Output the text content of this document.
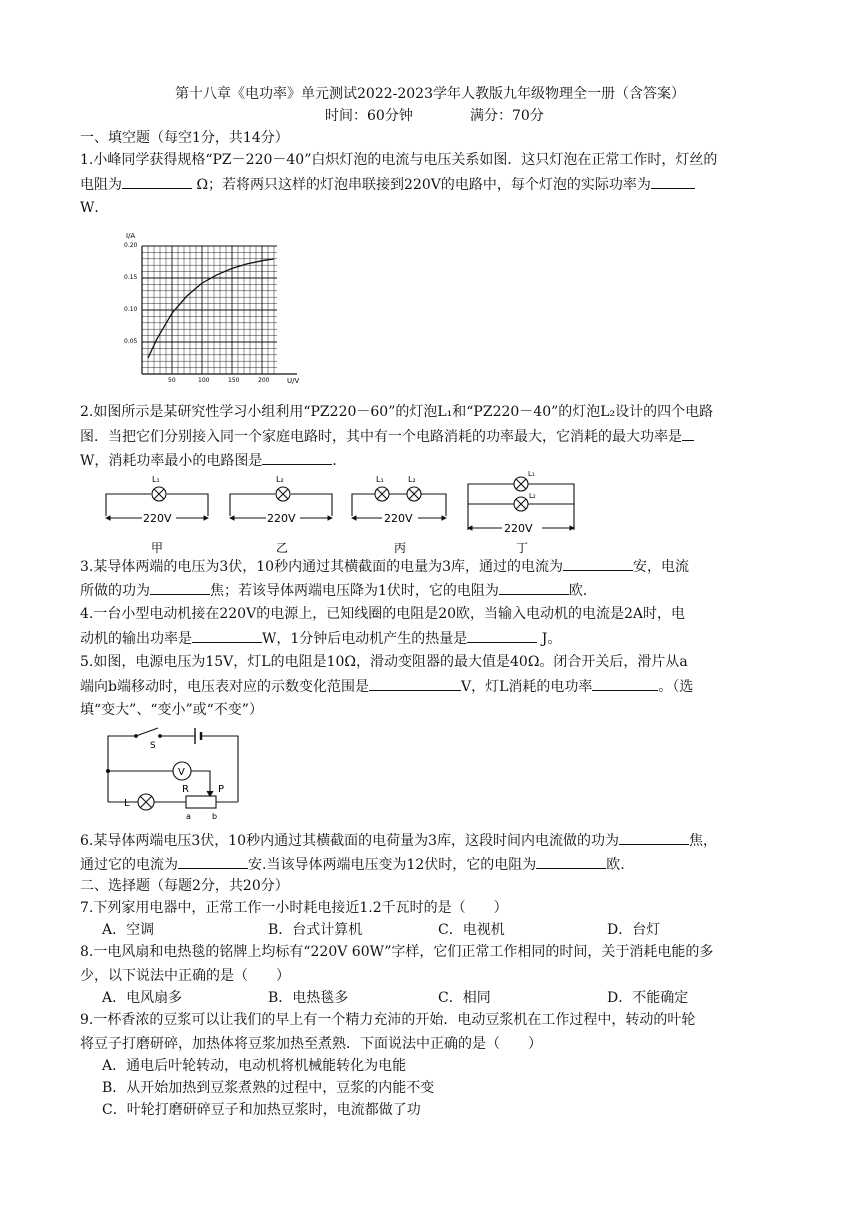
第十八章《电功率》单元测试2022-2023学年人教版九年级物理全一册（含答案）
时间：60分钟	满分：70分
一、填空题（每空1分，共14分）
1.小峰同学获得规格“PZ－220－40”白炽灯泡的电流与电压关系如图．这只灯泡在正常工作时，灯丝的
电阻为	Ω；若将两只这样的灯泡串联接到220V的电路中，每个灯泡的实际功率为
W．
I/A
U/V
0.20
0.15
0.10
0.05
50	100	150	200
2.如图所示是某研究性学习小组利用“PZ220－60”的灯泡L₁和“PZ220－40”的灯泡L₂设计的四个电路
图．当把它们分别接入同一个家庭电路时，其中有一个电路消耗的功率最大，它消耗的最大功率是
W，消耗功率最小的电路图是	．
L₁	L₂	L₁	L₂
L₁
L₂
220V	220V	220V
220V
甲	乙	丙	丁
3.某导体两端的电压为3伏，10秒内通过其横截面的电量为3库，通过的电流为	安，电流
所做的功为	焦；若该导体两端电压降为1伏时，它的电阻为	欧．
4.一台小型电动机接在220V的电源上，已知线圈的电阻是20欧，当输入电动机的电流是2A时，电
动机的输出功率是	W，1分钟后电动机产生的热量是	J。
5.如图，电源电压为15V，灯L的电阻是10Ω，滑动变阻器的最大值是40Ω。闭合开关后，滑片从a
端向b端移动时，电压表对应的示数变化范围是	V，灯L消耗的电功率	。（选
填“变大”、“变小”或“不变”）
S
V
L
R	P
a	b
6.某导体两端电压3伏，10秒内通过其横截面的电荷量为3库，这段时间内电流做的功为	焦，
通过它的电流为	安.当该导体两端电压变为12伏时，它的电阻为	欧.
二、选择题（每题2分，共20分）
7.下列家用电器中，正常工作一小时耗电接近1.2千瓦时的是（　　）
A．空调	B．台式计算机	C．电视机	D．台灯
8.一电风扇和电热毯的铭牌上均标有“220V 60W”字样，它们正常工作相同的时间，关于消耗电能的多
少，以下说法中正确的是（　　）
A．电风扇多	B．电热毯多	C．相同	D．不能确定
9.一杯香浓的豆浆可以让我们的早上有一个精力充沛的开始．电动豆浆机在工作过程中，转动的叶轮
将豆子打磨研碎，加热体将豆浆加热至煮熟．下面说法中正确的是（　　）
A．通电后叶轮转动，电动机将机械能转化为电能
B．从开始加热到豆浆煮熟的过程中，豆浆的内能不变
C．叶轮打磨研碎豆子和加热豆浆时，电流都做了功
